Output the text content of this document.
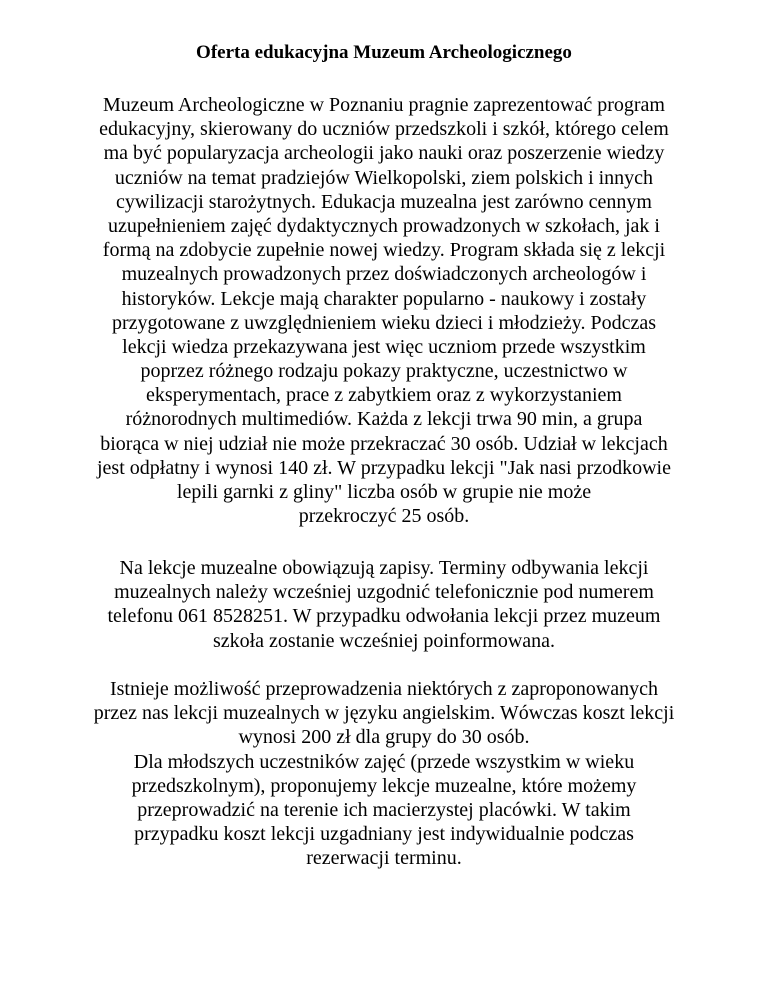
Oferta edukacyjna Muzeum Archeologicznego
Muzeum Archeologiczne w Poznaniu pragnie zaprezentować program
edukacyjny, skierowany do uczniów przedszkoli i szkół, którego celem
ma być popularyzacja archeologii jako nauki oraz poszerzenie wiedzy
uczniów na temat pradziejów Wielkopolski, ziem polskich i innych
cywilizacji starożytnych. Edukacja muzealna jest zarówno cennym
uzupełnieniem zajęć dydaktycznych prowadzonych w szkołach, jak i
formą na zdobycie zupełnie nowej wiedzy. Program składa się z lekcji
muzealnych prowadzonych przez doświadczonych archeologów i
historyków. Lekcje mają charakter popularno - naukowy i zostały
przygotowane z uwzględnieniem wieku dzieci i młodzieży. Podczas
lekcji wiedza przekazywana jest więc uczniom przede wszystkim
poprzez różnego rodzaju pokazy praktyczne, uczestnictwo w
eksperymentach, prace z zabytkiem oraz z wykorzystaniem
różnorodnych multimediów. Każda z lekcji trwa 90 min, a grupa
biorąca w niej udział nie może przekraczać 30 osób. Udział w lekcjach
jest odpłatny i wynosi 140 zł. W przypadku lekcji "Jak nasi przodkowie
lepili garnki z gliny" liczba osób w grupie nie może
przekroczyć 25 osób.
Na lekcje muzealne obowiązują zapisy. Terminy odbywania lekcji
muzealnych należy wcześniej uzgodnić telefonicznie pod numerem
telefonu 061 8528251. W przypadku odwołania lekcji przez muzeum
szkoła zostanie wcześniej poinformowana.
Istnieje możliwość przeprowadzenia niektórych z zaproponowanych
przez nas lekcji muzealnych w języku angielskim. Wówczas koszt lekcji
wynosi 200 zł dla grupy do 30 osób.
Dla młodszych uczestników zajęć (przede wszystkim w wieku
przedszkolnym), proponujemy lekcje muzealne, które możemy
przeprowadzić na terenie ich macierzystej placówki. W takim
przypadku koszt lekcji uzgadniany jest indywidualnie podczas
rezerwacji terminu.
